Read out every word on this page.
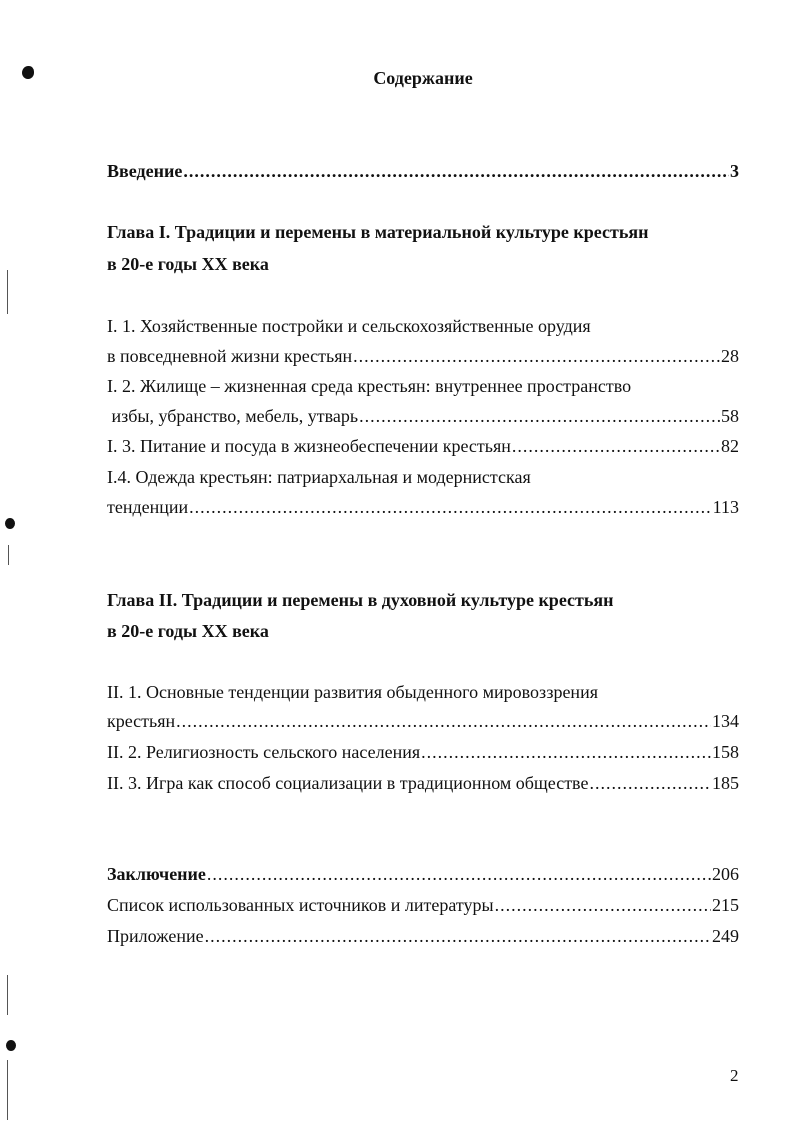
Содержание
Введение .....	3
Глава I. Традиции и перемены в материальной культуре крестьян
в 20-е годы XX века
I. 1. Хозяйственные постройки и сельскохозяйственные орудия
в повседневной жизни крестьян .....	28
I. 2. Жилище – жизненная среда крестьян: внутреннее пространство
избы, убранство, мебель, утварь .....	58
I. 3. Питание и посуда в жизнеобеспечении крестьян .....	82
I.4. Одежда крестьян: патриархальная и модернистская
тенденции .....	113
Глава II. Традиции и перемены в духовной культуре крестьян
в 20-е годы XX века
II. 1. Основные тенденции развития обыденного мировоззрения
крестьян .....	134
II. 2. Религиозность сельского населения .....	158
II. 3. Игра как способ социализации в традиционном обществе .....	185
Заключение .....	206
Список использованных источников и литературы .....	215
Приложение .....	249
2
